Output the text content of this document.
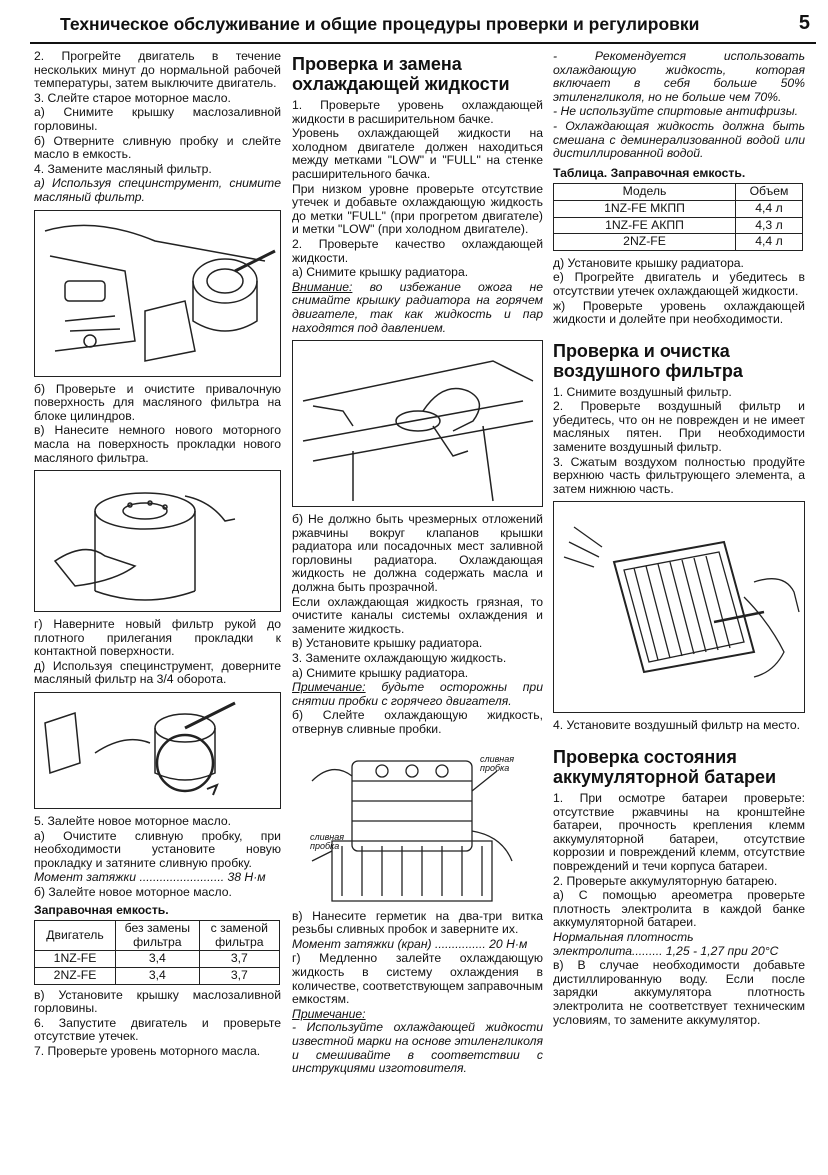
Техническое обслуживание и общие процедуры проверки и регулировки	5

2. Прогрейте двигатель в течение нескольких минут до нормальной рабочей температуры, затем выключите двигатель.

3. Слейте старое моторное масло.

а) Снимите крышку маслозаливной горловины.

б) Отверните сливную пробку и слейте масло в емкость.

4. Замените масляный фильтр.

а) Используя специнструмент, снимите масляный фильтр.

б) Проверьте и очистите привалочную поверхность для масляного фильтра на блоке цилиндров.

в) Нанесите немного нового моторного масла на поверхность прокладки нового масляного фильтра.

г) Наверните новый фильтр рукой до плотного прилегания прокладки к контактной поверхности.

д) Используя специнструмент, доверните масляный фильтр на 3/4 оборота.

5. Залейте новое моторное масло.

а) Очистите сливную пробку, при необходимости установите новую прокладку и затяните сливную пробку.

Момент затяжки ......................... 38 Н·м

б) Залейте новое моторное масло.

Заправочная емкость.
Двигатель	без замены фильтра	с заменой фильтра
1NZ-FE	3,4	3,7
2NZ-FE	3,4	3,7

в) Установите крышку маслозаливной горловины.

6. Запустите двигатель и проверьте отсутствие утечек.

7. Проверьте уровень моторного масла.

Проверка и замена охлаждающей жидкости

1. Проверьте уровень охлаждающей жидкости в расширительном бачке.

Уровень охлаждающей жидкости на холодном двигателе должен находиться между метками "LOW" и "FULL" на стенке расширительного бачка.

При низком уровне проверьте отсутствие утечек и добавьте охлаждающую жидкость до метки "FULL" (при прогретом двигателе) и метки "LOW" (при холодном двигателе).

2. Проверьте качество охлаждающей жидкости.

а) Снимите крышку радиатора.

Внимание: во избежание ожога не снимайте крышку радиатора на горячем двигателе, так как жидкость и пар находятся под давлением.

б) Не должно быть чрезмерных отложений ржавчины вокруг клапанов крышки радиатора или посадочных мест заливной горловины радиатора. Охлаждающая жидкость не должна содержать масла и должна быть прозрачной.

Если охлаждающая жидкость грязная, то очистите каналы системы охлаждения и замените жидкость.

в) Установите крышку радиатора.

3. Замените охлаждающую жидкость.

а) Снимите крышку радиатора.

Примечание: будьте осторожны при снятии пробки с горячего двигателя.

б) Слейте охлаждающую жидкость, отвернув сливные пробки.

сливная пробка
сливная пробка

в) Нанесите герметик на два-три витка резьбы сливных пробок и заверните их.

Момент затяжки (кран) ............... 20 Н·м

г) Медленно залейте охлаждающую жидкость в систему охлаждения в количестве, соответствующем заправочным емкостям.

Примечание:

- Используйте охлаждающей жидкости известной марки на основе этиленгликоля и смешивайте в соответствии с инструкциями изготовителя.

- Рекомендуется использовать охлаждающую жидкость, которая включает в себя больше 50% этиленгликоля, но не больше чем 70%.

- Не используйте спиртовые антифризы.

- Охлаждающая жидкость должна быть смешана с деминерализованной водой или дистиллированной водой.

Таблица. Заправочная емкость.
Модель	Объем
1NZ-FE МКПП	4,4 л
1NZ-FE АКПП	4,3 л
2NZ-FE	4,4 л

д) Установите крышку радиатора.

е) Прогрейте двигатель и убедитесь в отсутствии утечек охлаждающей жидкости.

ж) Проверьте уровень охлаждающей жидкости и долейте при необходимости.

Проверка и очистка воздушного фильтра

1. Снимите воздушный фильтр.

2. Проверьте воздушный фильтр и убедитесь, что он не поврежден и не имеет масляных пятен. При необходимости замените воздушный фильтр.

3. Сжатым воздухом полностью продуйте верхнюю часть фильтрующего элемента, а затем нижнюю часть.

4. Установите воздушный фильтр на место.

Проверка состояния аккумуляторной батареи

1. При осмотре батареи проверьте: отсутствие ржавчины на кронштейне батареи, прочность крепления клемм аккумуляторной батареи, отсутствие коррозии и повреждений клемм, отсутствие повреждений и течи корпуса батареи.

2. Проверьте аккумуляторную батарею.

а) С помощью ареометра проверьте плотность электролита в каждой банке аккумуляторной батареи.

Нормальная плотность

электролита......... 1,25 - 1,27 при 20°С

в) В случае необходимости добавьте дистиллированную воду. Если после зарядки аккумулятора плотность электролита не соответствует техническим условиям, то замените аккумулятор.
